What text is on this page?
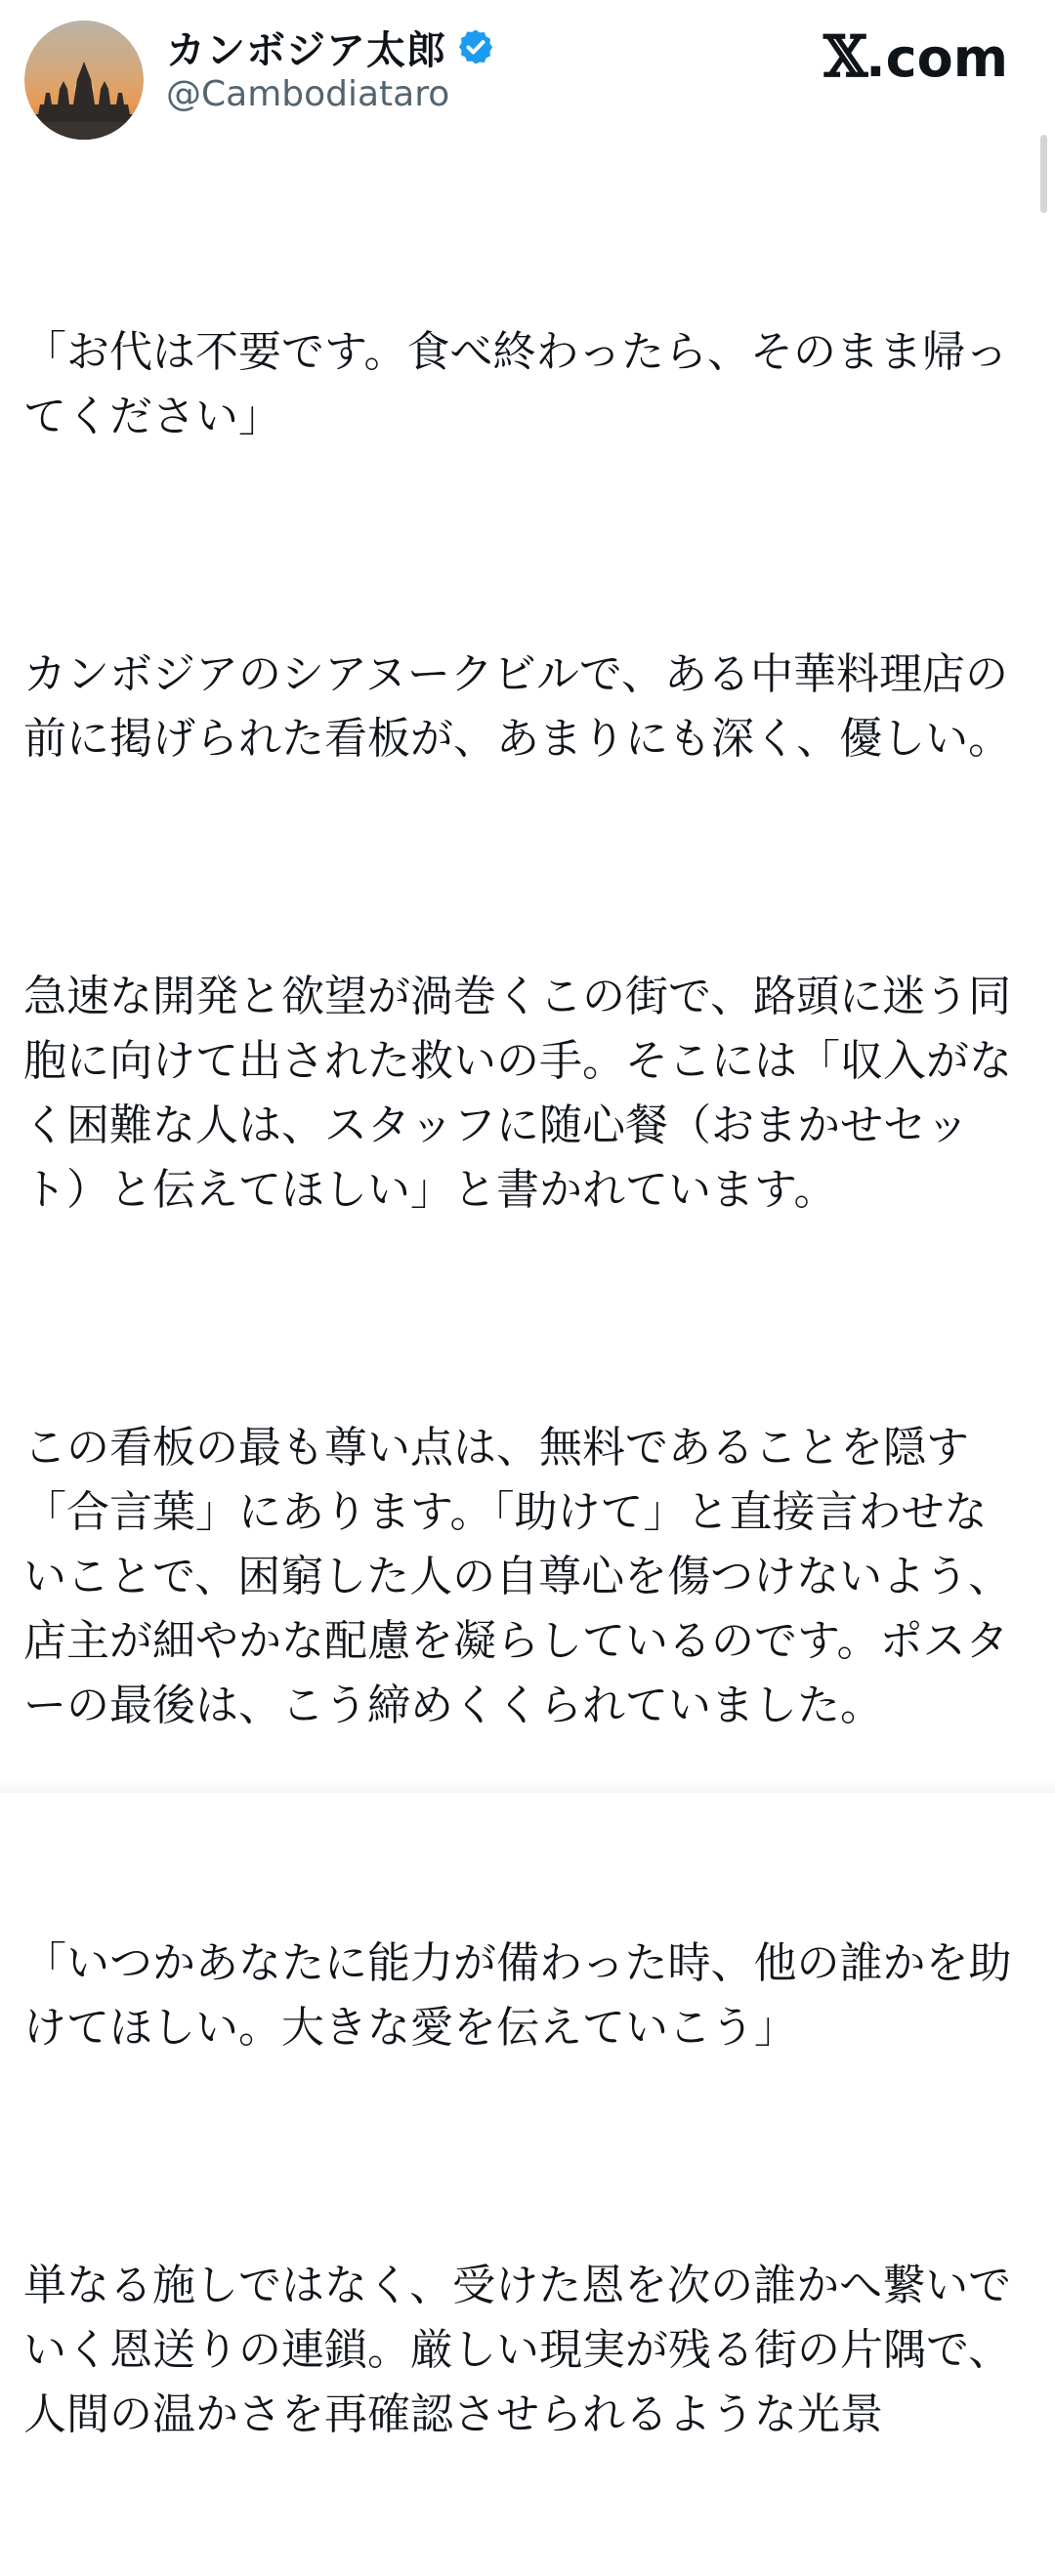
カンボジア太郎
@Cambodiataro
𝕏 .com

「お代は不要です。食べ終わったら、そのまま帰ってください」

カンボジアのシアヌークビルで、ある中華料理店の前に掲げられた看板が、あまりにも深く、優しい。

急速な開発と欲望が渦巻くこの街で、路頭に迷う同胞に向けて出された救いの手。そこには「収入がなく困難な人は、スタッフに随心餐（おまかせセット）と伝えてほしい」と書かれています。

この看板の最も尊い点は、無料であることを隠す「合言葉」にあります。「助けて」と直接言わせないことで、困窮した人の自尊心を傷つけないよう、店主が細やかな配慮を凝らしているのです。ポスターの最後は、こう締めくくられていました。

「いつかあなたに能力が備わった時、他の誰かを助けてほしい。大きな愛を伝えていこう」

単なる施しではなく、受けた恩を次の誰かへ繋いでいく恩送りの連鎖。厳しい現実が残る街の片隅で、人間の温かさを再確認させられるような光景
